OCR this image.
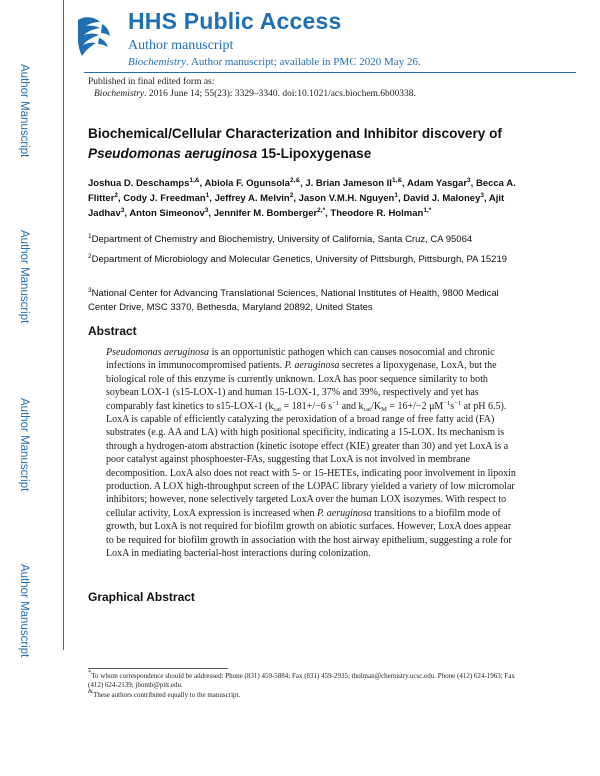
Author Manuscript
Author Manuscript
Author Manuscript
Author Manuscript
HHS Public Access
Author manuscript
Biochemistry. Author manuscript; available in PMC 2020 May 26.
Published in final edited form as:
Biochemistry. 2016 June 14; 55(23): 3329–3340. doi:10.1021/acs.biochem.6b00338.
Biochemical/Cellular Characterization and Inhibitor discovery of
Pseudomonas aeruginosa 15-Lipoxygenase
Joshua D. Deschamps$^{1,\&}$, Abiola F. Ogunsola$^{2,\&}$, J. Brian Jameson $II^{1,\&}$, Adam Yasgar$^3$, Becca A. Flitter$^2$, Cody J. Freedman$^1$, Jeffrey A. Melvin$^2$, Jason V.M.H. Nguyen$^1$, David J. Maloney$^3$, Ajit Jadhav$^3$, Anton Simeonov$^3$, Jennifer M. Bomberger$^{2,*}$, Theodore R. Holman$^{1,*}$
$^1$Department of Chemistry and Biochemistry, University of California, Santa Cruz, CA 95064
$^2$Department of Microbiology and Molecular Genetics, University of Pittsburgh, Pittsburgh, PA 15219
$^3$National Center for Advancing Translational Sciences, National Institutes of Health, 9800 Medical Center Drive, MSC 3370, Bethesda, Maryland 20892, United States
Abstract
Pseudomonas aeruginosa is an opportunistic pathogen which can causes nosocomial and chronic infections in immunocompromised patients. P. aeruginosa secretes a lipoxygenase, LoxA, but the biological role of this enzyme is currently unknown. LoxA has poor sequence similarity to both soybean LOX-1 (s15-LOX-1) and human 15-LOX-1, 37% and 39%, respectively and yet has comparably fast kinetics to s15-LOX-1 ($k_{cat} = 181+/-6$ $s^{-1}$ and $k_{cat}/K_M = 16+/-2$ $\mu M^{-1}s^{-1}$ at pH 6.5). LoxA is capable of efficiently catalyzing the peroxidation of a broad range of free fatty acid (FA) substrates (e.g. AA and LA) with high positional specificity, indicating a 15-LOX. Its mechanism is through a hydrogen-atom abstraction (kinetic isotope effect (KIE) greater than 30) and yet LoxA is a poor catalyst against phosphoester-FAs, suggesting that LoxA is not involved in membrane decomposition. LoxA also does not react with 5- or 15-HETEs, indicating poor involvement in lipoxin production. A LOX high-throughput screen of the LOPAC library yielded a variety of low micromolar inhibitors; however, none selectively targeted LoxA over the human LOX isozymes. With respect to cellular activity, LoxA expression is increased when P. aeruginosa transitions to a biofilm mode of growth, but LoxA is not required for biofilm growth on abiotic surfaces. However, LoxA does appear to be required for biofilm growth in association with the host airway epithelium, suggesting a role for LoxA in mediating bacterial-host interactions during colonization.
Graphical Abstract
*To whom correspondence should be addressed: Phone (831) 459-5884; Fax (831) 459-2935; tholman@chemistry.ucsc.edu. Phone (412) 624-1963; Fax (412) 624-2139; jbomb@pitt.edu.
&These authors contributed equally to the manuscript.
